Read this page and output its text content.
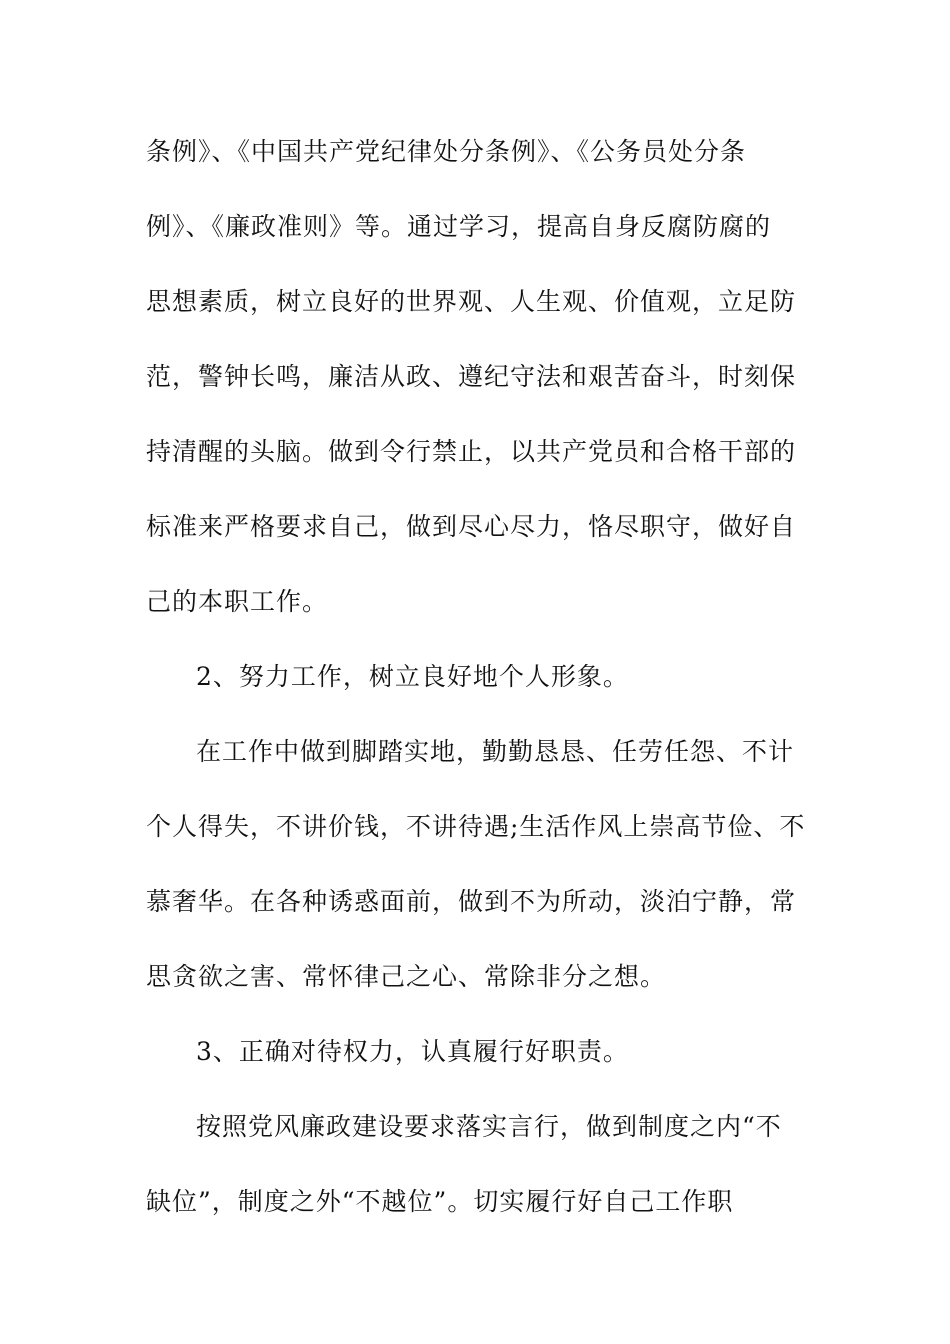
条例》、《中国共产党纪律处分条例》、《公务员处分条
例》、《廉政准则》等。通过学习，提高自身反腐防腐的
思想素质，树立良好的世界观、人生观、价值观，立足防
范，警钟长鸣，廉洁从政、遵纪守法和艰苦奋斗，时刻保
持清醒的头脑。做到令行禁止，以共产党员和合格干部的
标准来严格要求自己，做到尽心尽力，恪尽职守，做好自
己的本职工作。
2、努力工作，树立良好地个人形象。
在工作中做到脚踏实地，勤勤恳恳、任劳任怨、不计
个人得失，不讲价钱，不讲待遇;生活作风上崇高节俭、不
慕奢华。在各种诱惑面前，做到不为所动，淡泊宁静，常
思贪欲之害、常怀律己之心、常除非分之想。
3、正确对待权力，认真履行好职责。
按照党风廉政建设要求落实言行，做到制度之内“不
缺位”，制度之外“不越位”。切实履行好自己工作职
